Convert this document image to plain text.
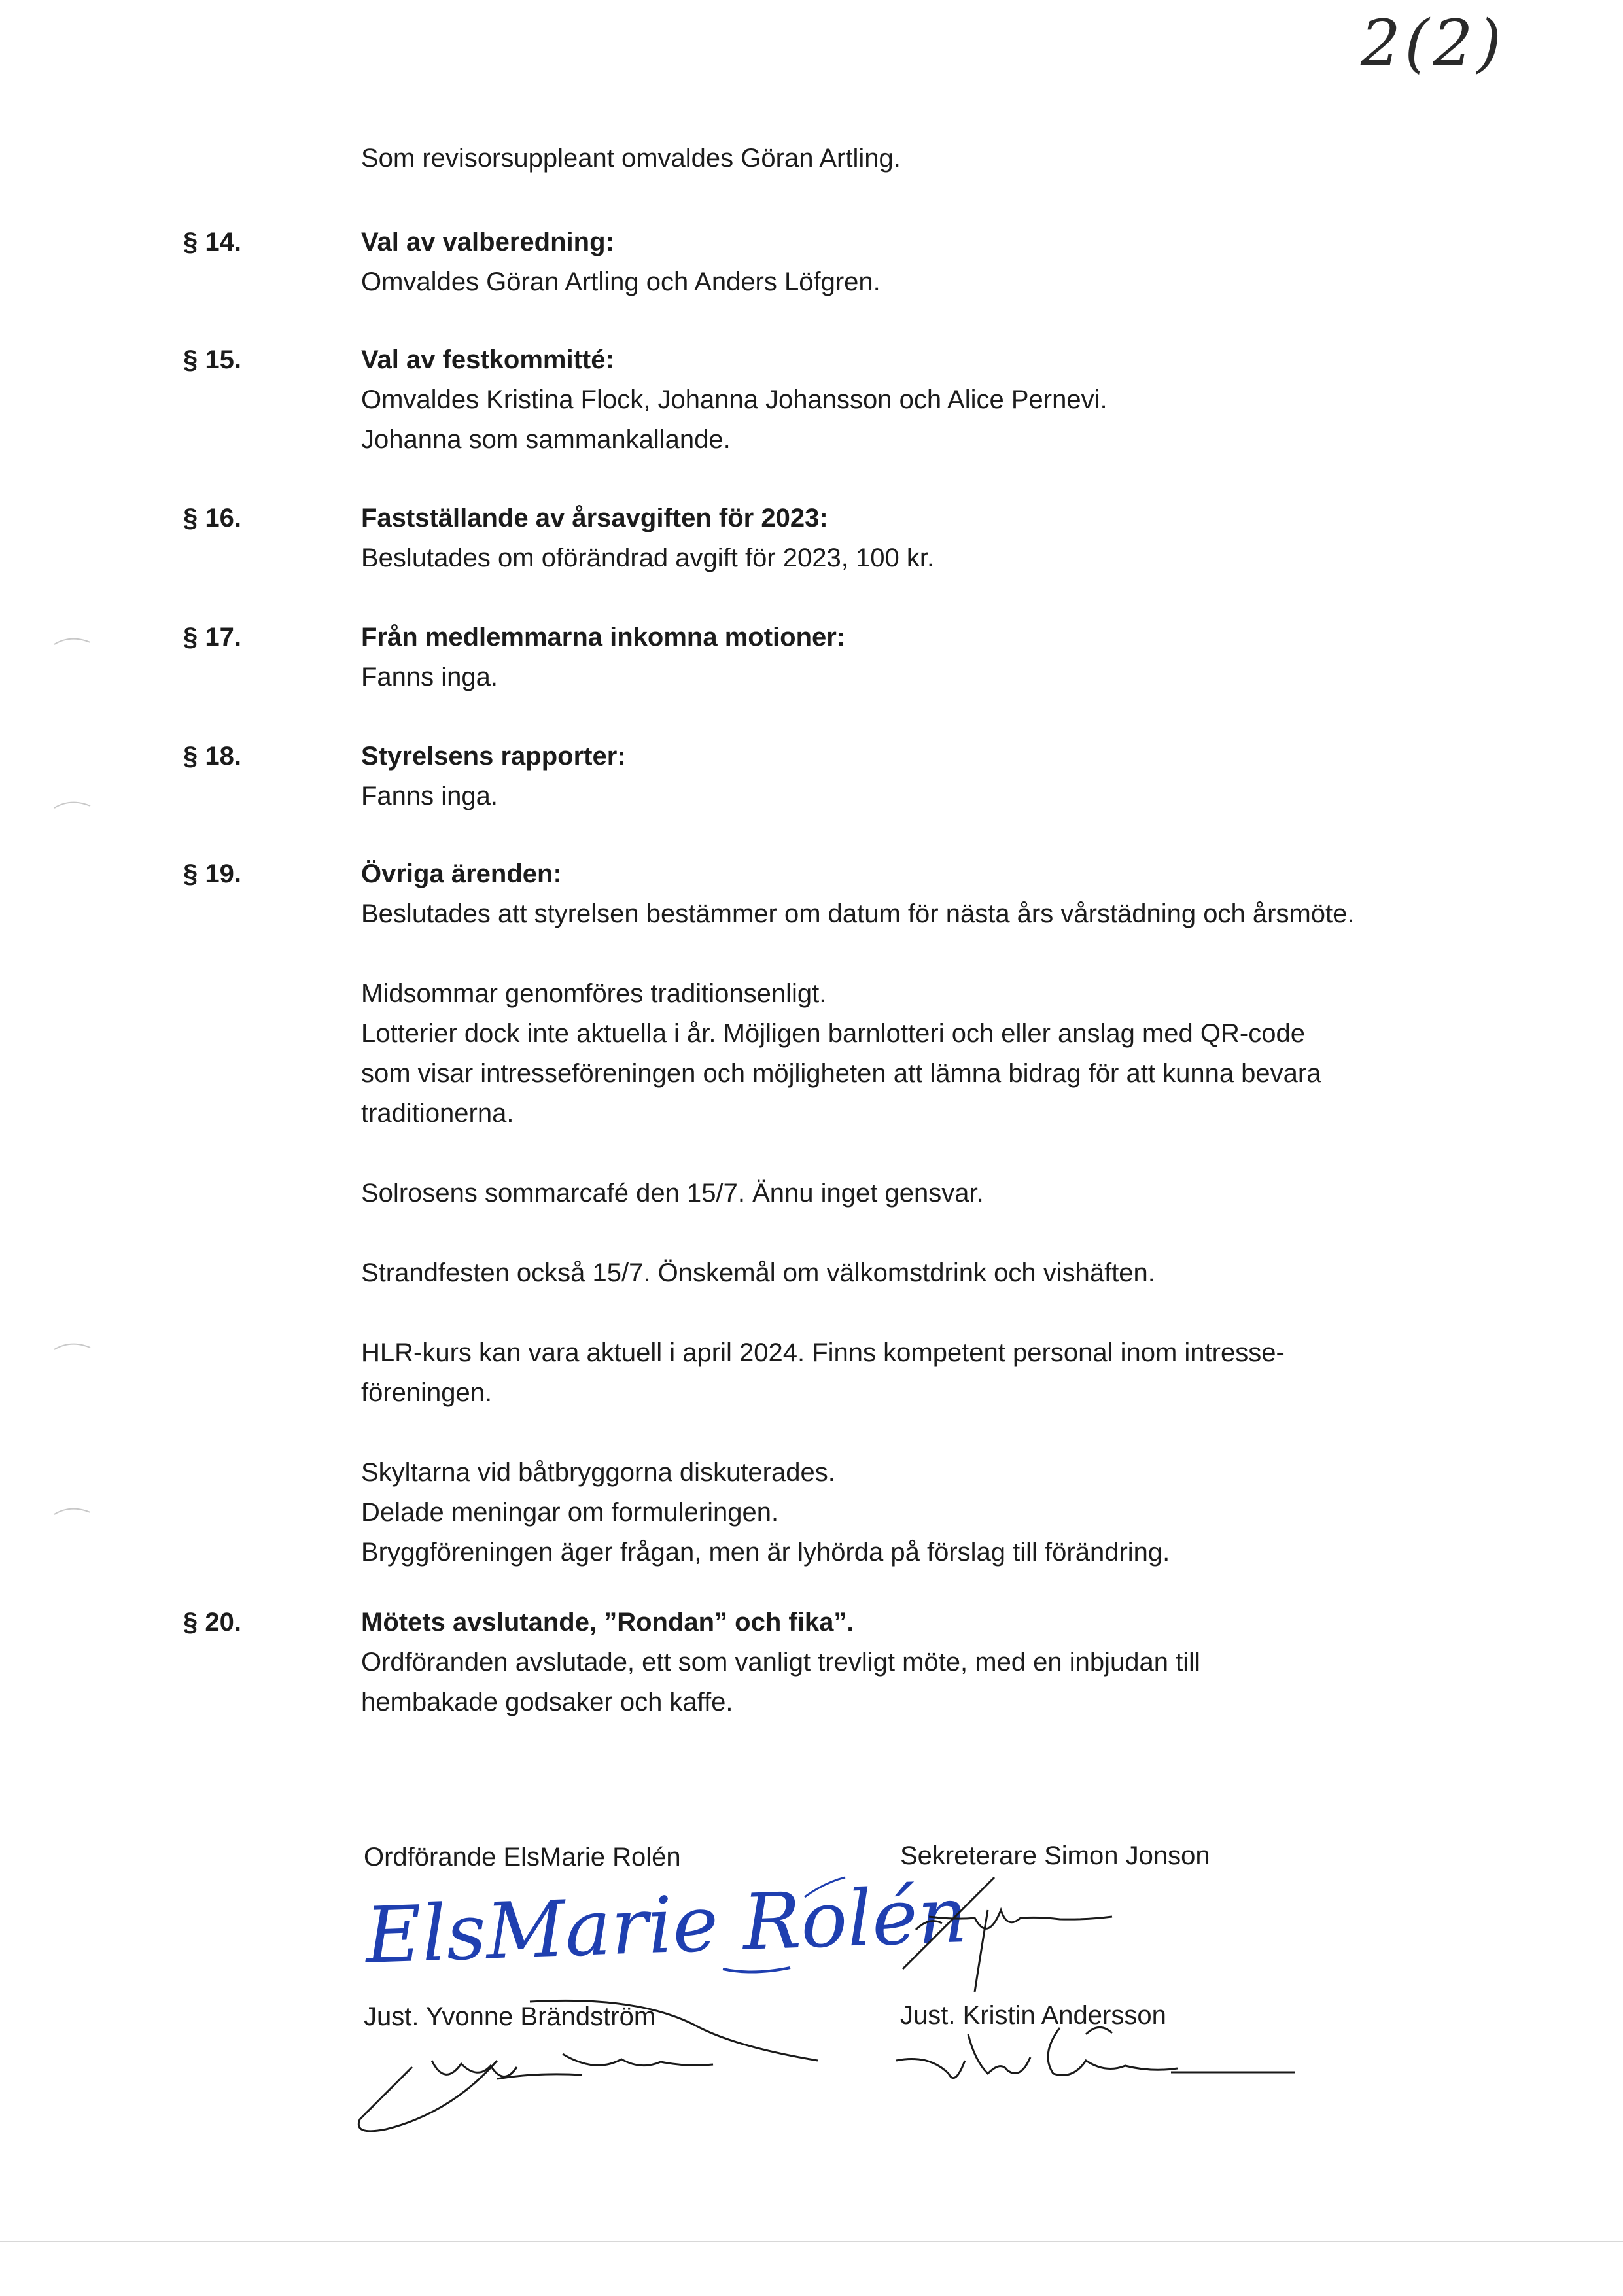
2(2)
Som revisorsuppleant omvaldes Göran Artling.
§ 14.	Val av valberedning:
Omvaldes Göran Artling och Anders Löfgren.
§ 15.	Val av festkommitté:
Omvaldes Kristina Flock, Johanna Johansson och Alice Pernevi.
Johanna som sammankallande.
§ 16.	Fastställande av årsavgiften för 2023:
Beslutades om oförändrad avgift för 2023, 100 kr.
§ 17.	Från medlemmarna inkomna motioner:
Fanns inga.
§ 18.	Styrelsens rapporter:
Fanns inga.
§ 19.	Övriga ärenden:
Beslutades att styrelsen bestämmer om datum för nästa års vårstädning och årsmöte.
Midsommar genomföres traditionsenligt.
Lotterier dock inte aktuella i år. Möjligen barnlotteri och eller anslag med QR-code
som visar intresseföreningen och möjligheten att lämna bidrag för att kunna bevara
traditionerna.
Solrosens sommarcafé den 15/7. Ännu inget gensvar.
Strandfesten också 15/7. Önskemål om välkomstdrink och vishäften.
HLR-kurs kan vara aktuell i april 2024. Finns kompetent personal inom intresse-
föreningen.
Skyltarna vid båtbryggorna diskuterades.
Delade meningar om formuleringen.
Bryggföreningen äger frågan, men är lyhörda på förslag till förändring.
§ 20.	Mötets avslutande, ”Rondan” och fika”.
Ordföranden avslutade, ett som vanligt trevligt möte, med en inbjudan till
hembakade godsaker och kaffe.
Ordförande ElsMarie Rolén	Sekreterare Simon Jonson
Just. Yvonne Brändström	Just. Kristin Andersson
ElsMarie Rolén
